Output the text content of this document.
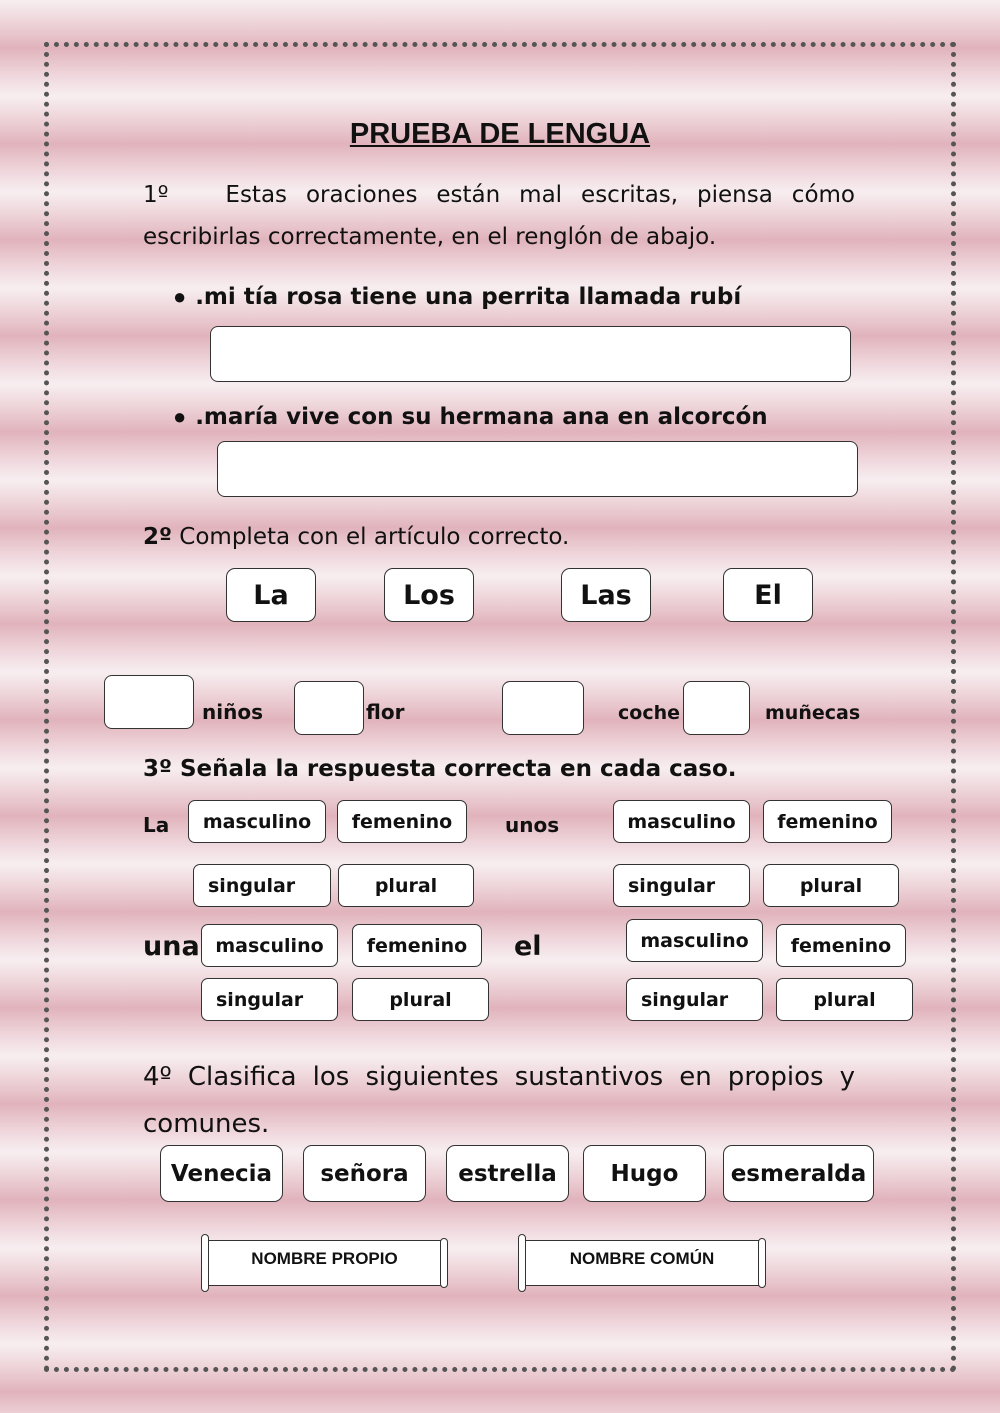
PRUEBA DE LENGUA
1º Estas oraciones están mal escritas, piensa cómo
escribirlas correctamente, en el renglón de abajo.
● .mi tía rosa tiene una perrita llamada rubí
● .maría vive con su hermana ana en alcorcón
2º Completa con el artículo correcto.
La	Los	Las	El
niños	flor	coche	muñecas
3º Señala la respuesta correcta en cada caso.
La	masculino	femenino
singular	plural
unos	masculino	femenino
singular	plural
una masculino	femenino
singular	plural
el	masculino	femenino
singular	plural
4º Clasifica los siguientes sustantivos en propios y
comunes.
Venecia	señora	estrella	Hugo	esmeralda
NOMBRE PROPIO	NOMBRE COMÚN
